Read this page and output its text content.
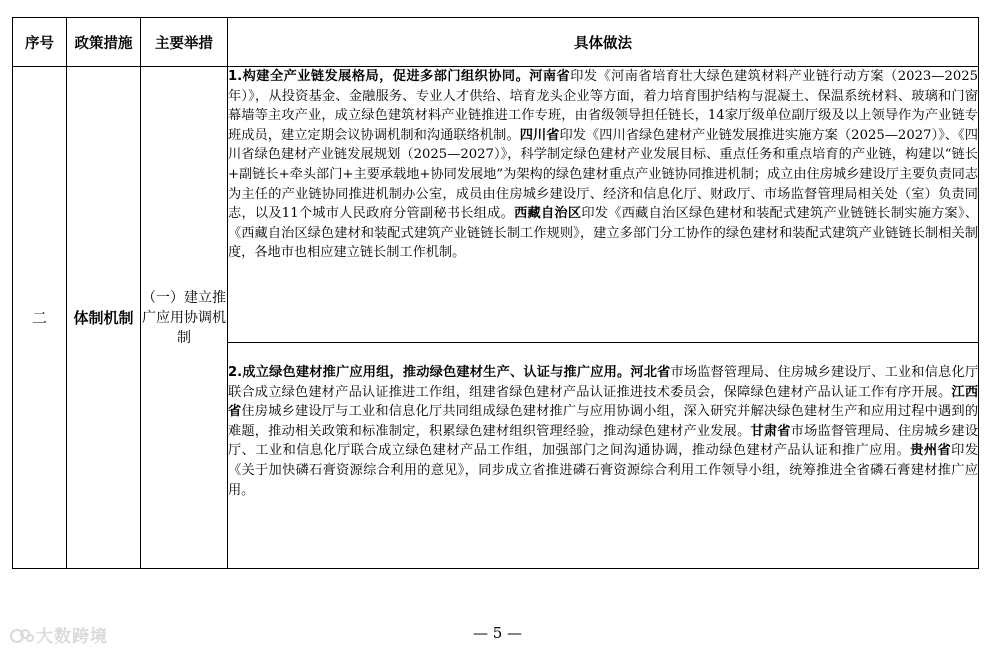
序号	政策措施	主要举措	具体做法
二	体制机制	（一）建立推广应用协调机制	1.构建全产业链发展格局，促进多部门组织协同。河南省印发《河南省培育壮大绿色建筑材料产业链行动方案（2023—2025年）》，从投资基金、金融服务、专业人才供给、培育龙头企业等方面，着力培育围护结构与混凝土、保温系统材料、玻璃和门窗幕墙等主攻产业，成立绿色建筑材料产业链推进工作专班，由省级领导担任链长，14家厅级单位副厅级及以上领导作为产业链专班成员，建立定期会议协调机制和沟通联络机制。四川省印发《四川省绿色建材产业链发展推进实施方案（2025—2027）》、《四川省绿色建材产业链发展规划（2025—2027）》，科学制定绿色建材产业发展目标、重点任务和重点培育的产业链，构建以“链长+副链长+牵头部门+主要承载地+协同发展地”为架构的绿色建材重点产业链协同推进机制；成立由住房城乡建设厅主要负责同志为主任的产业链协同推进机制办公室，成员由住房城乡建设厅、经济和信息化厅、财政厅、市场监督管理局相关处（室）负责同志，以及11个城市人民政府分管副秘书长组成。西藏自治区印发《西藏自治区绿色建材和装配式建筑产业链链长制实施方案》、《西藏自治区绿色建材和装配式建筑产业链链长制工作规则》，建立多部门分工协作的绿色建材和装配式建筑产业链链长制相关制度，各地市也相应建立链长制工作机制。
			2.成立绿色建材推广应用组，推动绿色建材生产、认证与推广应用。河北省市场监督管理局、住房城乡建设厅、工业和信息化厅联合成立绿色建材产品认证推进工作组，组建省绿色建材产品认证推进技术委员会，保障绿色建材产品认证工作有序开展。江西省住房城乡建设厅与工业和信息化厅共同组成绿色建材推广与应用协调小组，深入研究并解决绿色建材生产和应用过程中遇到的难题，推动相关政策和标准制定，积累绿色建材组织管理经验，推动绿色建材产业发展。甘肃省市场监督管理局、住房城乡建设厅、工业和信息化厅联合成立绿色建材产品工作组，加强部门之间沟通协调，推动绿色建材产品认证和推广应用。贵州省印发《关于加快磷石膏资源综合利用的意见》，同步成立省推进磷石膏资源综合利用工作领导小组，统筹推进全省磷石膏建材推广应用。
大数跨境	— 5 —
